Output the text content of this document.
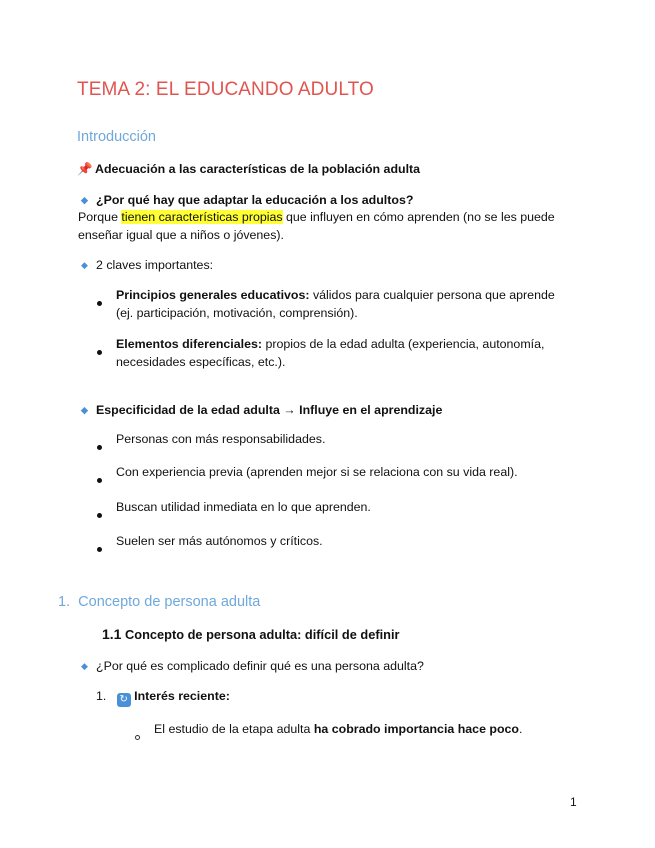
TEMA 2: EL EDUCANDO ADULTO
Introducción
📌 Adecuación a las características de la población adulta
◆ ¿Por qué hay que adaptar la educación a los adultos?
Porque tienen características propias que influyen en cómo aprenden (no se les puede
enseñar igual que a niños o jóvenes).
◆ 2 claves importantes:
Principios generales educativos: válidos para cualquier persona que aprende
(ej. participación, motivación, comprensión).
Elementos diferenciales: propios de la edad adulta (experiencia, autonomía,
necesidades específicas, etc.).
◆ Especificidad de la edad adulta → Influye en el aprendizaje
Personas con más responsabilidades.
Con experiencia previa (aprenden mejor si se relaciona con su vida real).
Buscan utilidad inmediata en lo que aprenden.
Suelen ser más autónomos y críticos.
1. Concepto de persona adulta
1.1 Concepto de persona adulta: difícil de definir
◆ ¿Por qué es complicado definir qué es una persona adulta?
1. ↻ Interés reciente:
El estudio de la etapa adulta ha cobrado importancia hace poco.
1
